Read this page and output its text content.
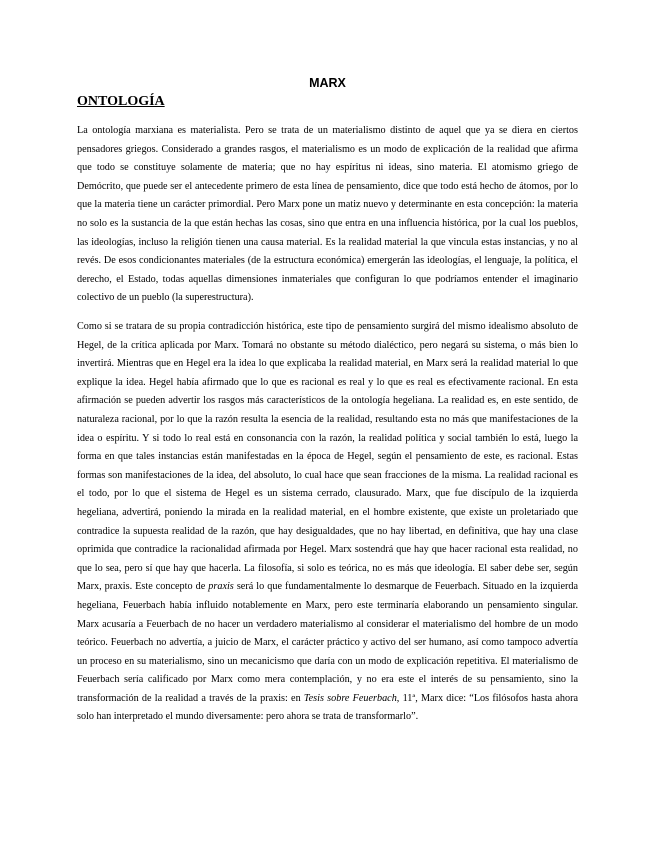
MARX
ONTOLOGÍA

La ontología marxiana es materialista. Pero se trata de un materialismo distinto de aquel que ya se diera en ciertos pensadores griegos. Considerado a grandes rasgos, el materialismo es un modo de explicación de la realidad que afirma que todo se constituye solamente de materia; que no hay espíritus ni ideas, sino materia. El atomismo griego de Demócrito, que puede ser el antecedente primero de esta línea de pensamiento, dice que todo está hecho de átomos, por lo que la materia tiene un carácter primordial. Pero Marx pone un matiz nuevo y determinante en esta concepción: la materia no solo es la sustancia de la que están hechas las cosas, sino que entra en una influencia histórica, por la cual los pueblos, las ideologías, incluso la religión tienen una causa material. Es la realidad material la que vincula estas instancias, y no al revés. De esos condicionantes materiales (de la estructura económica) emergerán las ideologías, el lenguaje, la política, el derecho, el Estado, todas aquellas dimensiones inmateriales que configuran lo que podríamos entender el imaginario colectivo de un pueblo (la superestructura).

Como si se tratara de su propia contradicción histórica, este tipo de pensamiento surgirá del mismo idealismo absoluto de Hegel, de la crítica aplicada por Marx. Tomará no obstante su método dialéctico, pero negará su sistema, o más bien lo invertirá. Mientras que en Hegel era la idea lo que explicaba la realidad material, en Marx será la realidad material lo que explique la idea. Hegel había afirmado que lo que es racional es real y lo que es real es efectivamente racional. En esta afirmación se pueden advertir los rasgos más característicos de la ontología hegeliana. La realidad es, en este sentido, de naturaleza racional, por lo que la razón resulta la esencia de la realidad, resultando esta no más que manifestaciones de la idea o espíritu. Y si todo lo real está en consonancia con la razón, la realidad política y social también lo está, luego la forma en que tales instancias están manifestadas en la época de Hegel, según el pensamiento de este, es racional. Estas formas son manifestaciones de la idea, del absoluto, lo cual hace que sean fracciones de la misma. La realidad racional es el todo, por lo que el sistema de Hegel es un sistema cerrado, clausurado. Marx, que fue discípulo de la izquierda hegeliana, advertirá, poniendo la mirada en la realidad material, en el hombre existente, que existe un proletariado que contradice la supuesta realidad de la razón, que hay desigualdades, que no hay libertad, en definitiva, que hay una clase oprimida que contradice la racionalidad afirmada por Hegel. Marx sostendrá que hay que hacer racional esta realidad, no que lo sea, pero sí que hay que hacerla. La filosofía, si solo es teórica, no es más que ideología. El saber debe ser, según Marx, praxis. Este concepto de praxis será lo que fundamentalmente lo desmarque de Feuerbach. Situado en la izquierda hegeliana, Feuerbach había influido notablemente en Marx, pero este terminaría elaborando un pensamiento singular. Marx acusaría a Feuerbach de no hacer un verdadero materialismo al considerar el materialismo del hombre de un modo teórico. Feuerbach no advertía, a juicio de Marx, el carácter práctico y activo del ser humano, así como tampoco advertía un proceso en su materialismo, sino un mecanicismo que daría con un modo de explicación repetitiva. El materialismo de Feuerbach sería calificado por Marx como mera contemplación, y no era este el interés de su pensamiento, sino la transformación de la realidad a través de la praxis: en Tesis sobre Feuerbach, 11ª, Marx dice: “Los filósofos hasta ahora solo han interpretado el mundo diversamente: pero ahora se trata de transformarlo”.
